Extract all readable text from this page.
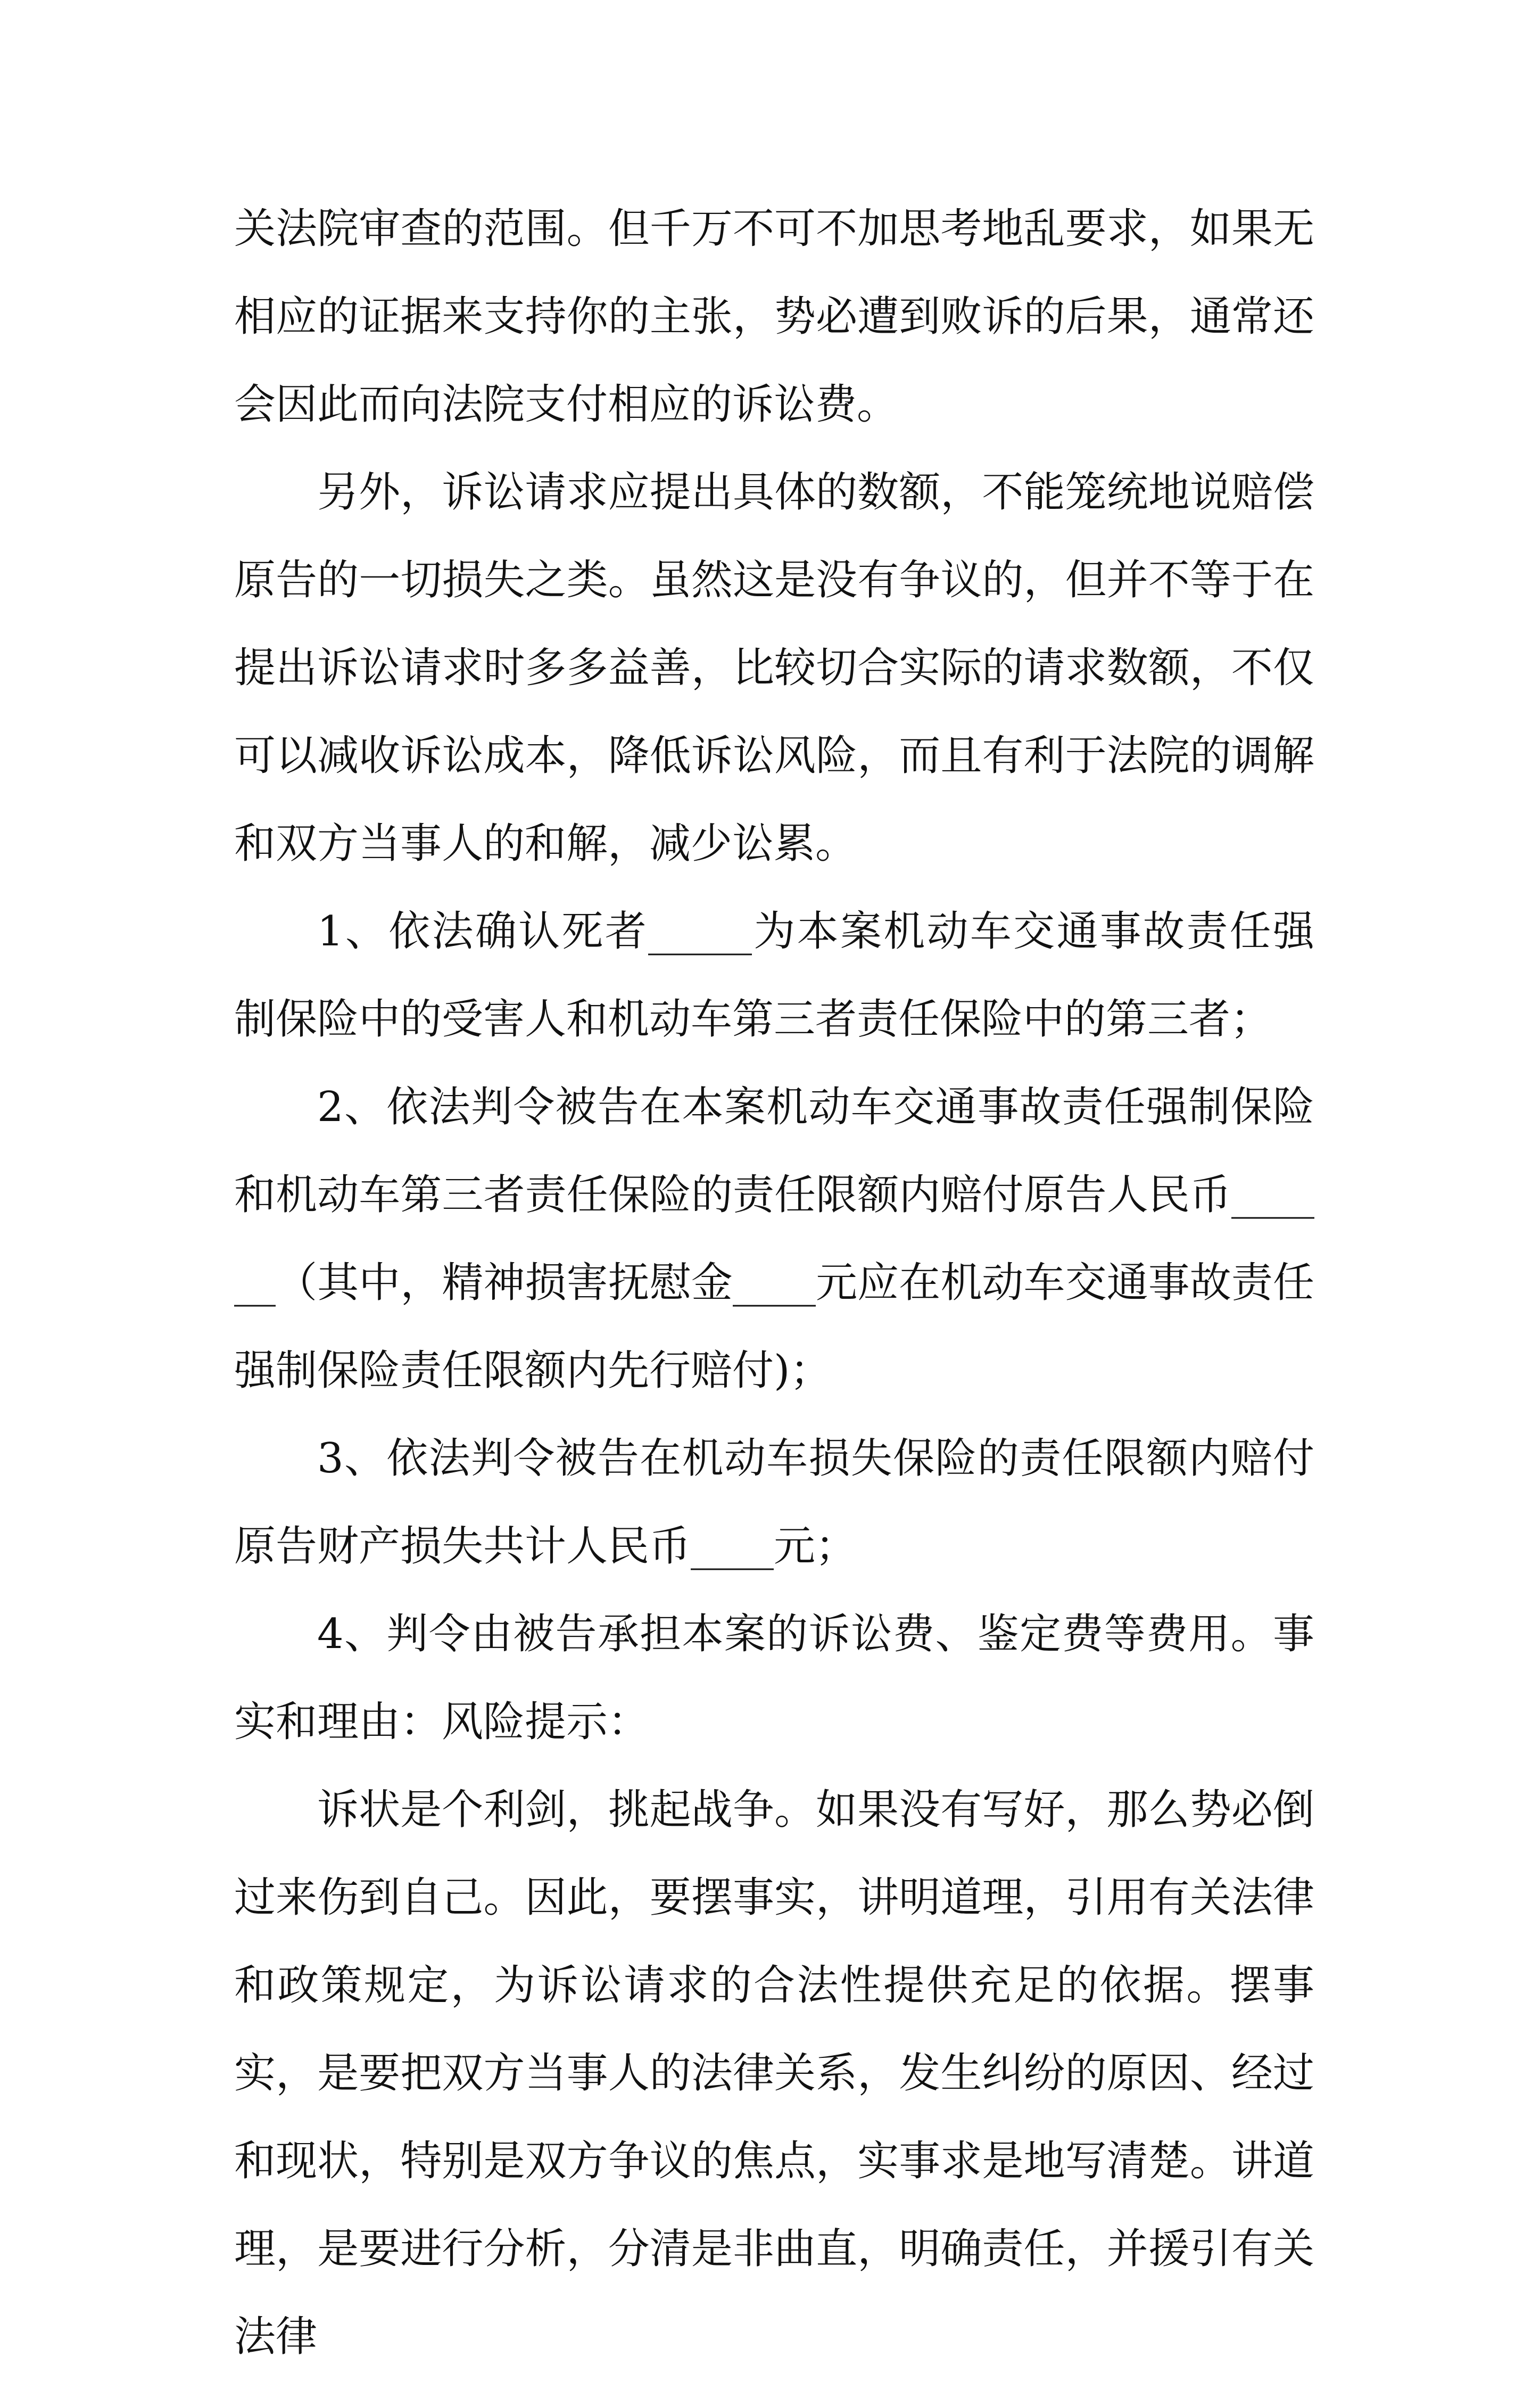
关法院审查的范围。但千万不可不加思考地乱要求，如果无相应的证据来支持你的主张，势必遭到败诉的后果，通常还会因此而向法院支付相应的诉讼费。

另外，诉讼请求应提出具体的数额，不能笼统地说赔偿原告的一切损失之类。虽然这是没有争议的，但并不等于在提出诉讼请求时多多益善，比较切合实际的请求数额，不仅可以减收诉讼成本，降低诉讼风险，而且有利于法院的调解和双方当事人的和解，减少讼累。

1、依法确认死者_____为本案机动车交通事故责任强制保险中的受害人和机动车第三者责任保险中的第三者；

2、依法判令被告在本案机动车交通事故责任强制保险和机动车第三者责任保险的责任限额内赔付原告人民币______（其中，精神损害抚慰金____元应在机动车交通事故责任强制保险责任限额内先行赔付)；

3、依法判令被告在机动车损失保险的责任限额内赔付原告财产损失共计人民币____元；

4、判令由被告承担本案的诉讼费、鉴定费等费用。事实和理由：风险提示：

诉状是个利剑，挑起战争。如果没有写好，那么势必倒过来伤到自己。因此，要摆事实，讲明道理，引用有关法律和政策规定，为诉讼请求的合法性提供充足的依据。摆事实，是要把双方当事人的法律关系，发生纠纷的原因、经过和现状，特别是双方争议的焦点，实事求是地写清楚。讲道理，是要进行分析，分清是非曲直，明确责任，并援引有关法律
